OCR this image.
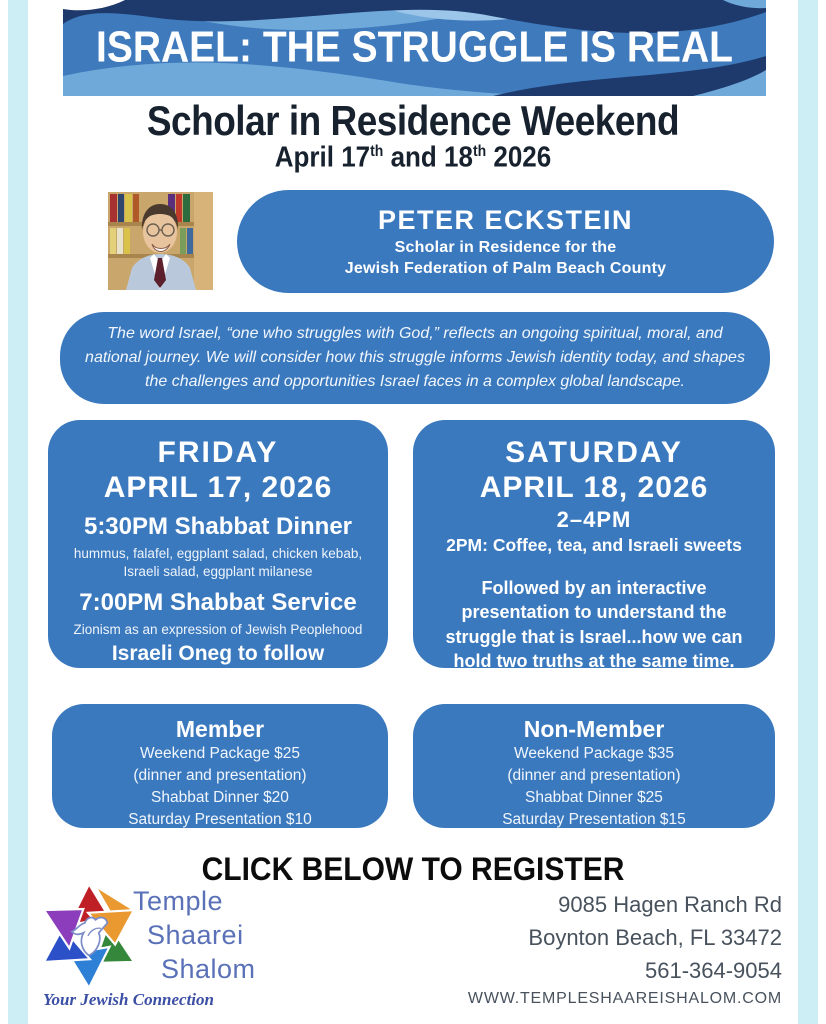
ISRAEL: THE STRUGGLE IS REAL
Scholar in Residence Weekend
April 17th and 18th 2026
PETER ECKSTEIN
Scholar in Residence for the
Jewish Federation of Palm Beach County
The word Israel, “one who struggles with God,” reflects an ongoing spiritual, moral, and national journey. We will consider how this struggle informs Jewish identity today, and shapes the challenges and opportunities Israel faces in a complex global landscape.
FRIDAY
APRIL 17, 2026
5:30PM Shabbat Dinner
hummus, falafel, eggplant salad, chicken kebab, Israeli salad, eggplant milanese
7:00PM Shabbat Service
Zionism as an expression of Jewish Peoplehood
Israeli Oneg to follow
SATURDAY
APRIL 18, 2026
2–4PM
2PM: Coffee, tea, and Israeli sweets
Followed by an interactive presentation to understand the struggle that is Israel...how we can hold two truths at the same time.
Member
Weekend Package $25
(dinner and presentation)
Shabbat Dinner $20
Saturday Presentation $10
Non-Member
Weekend Package $35
(dinner and presentation)
Shabbat Dinner $25
Saturday Presentation $15
CLICK BELOW TO REGISTER
Temple
Shaarei
Shalom
Your Jewish Connection
9085 Hagen Ranch Rd
Boynton Beach, FL 33472
561-364-9054
WWW.TEMPLESHAAREISHALOM.COM
